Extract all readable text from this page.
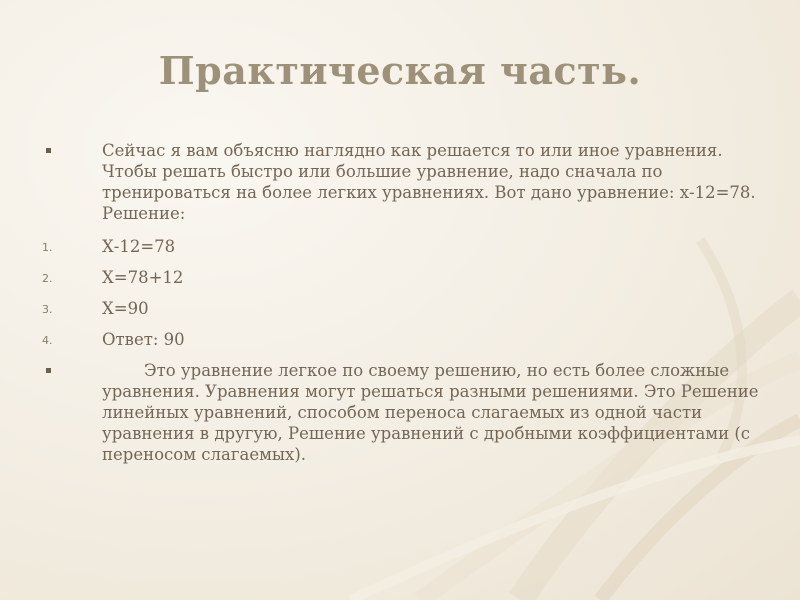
Практическая часть.
Сейчас я вам объясню наглядно как решается то или иное уравнения. Чтобы решать быстро или большие уравнение, надо сначала по тренироваться на более легких уравнениях. Вот дано уравнение: х-12=78. Решение:
1.	Х-12=78
2.	Х=78+12
3.	Х=90
4.	Ответ: 90
Это уравнение легкое по своему решению, но есть более сложные уравнения. Уравнения могут решаться разными решениями. Это Решение линейных уравнений, способом переноса слагаемых из одной части уравнения в другую, Решение уравнений с дробными коэффициентами (с переносом слагаемых).
